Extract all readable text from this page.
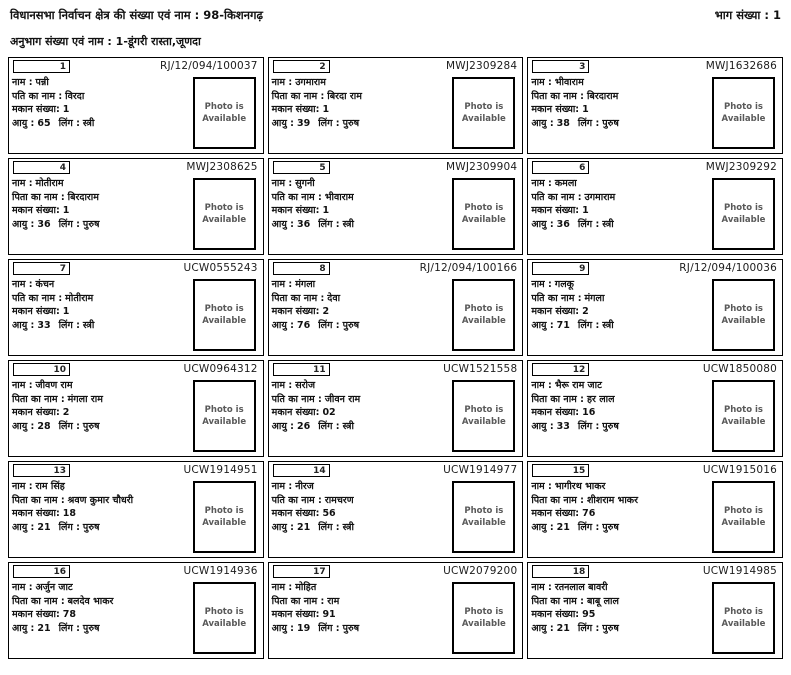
विधानसभा निर्वाचन क्षेत्र की संख्या एवं नाम : 98-किशनगढ़	भाग संख्या : 1
अनुभाग संख्या एवं नाम : 1-डूंगरी रास्ता,जूणदा
1	RJ/12/094/100037
नाम : पन्नी
पति का नाम : विरदा
मकान संख्या: 1
आयु : 65 लिंग : स्त्री
Photo is
Available
2	MWJ2309284
नाम : उगमाराम
पिता का नाम : बिरदा राम
मकान संख्या: 1
आयु : 39 लिंग : पुरुष
Photo is
Available
3	MWJ1632686
नाम : भीवाराम
पिता का नाम : बिरदाराम
मकान संख्या: 1
आयु : 38 लिंग : पुरुष
Photo is
Available
4	MWJ2308625
नाम : मोतीराम
पिता का नाम : बिरदाराम
मकान संख्या: 1
आयु : 36 लिंग : पुरुष
Photo is
Available
5	MWJ2309904
नाम : सुगनी
पति का नाम : भीवाराम
मकान संख्या: 1
आयु : 36 लिंग : स्त्री
Photo is
Available
6	MWJ2309292
नाम : कमला
पति का नाम : उगमाराम
मकान संख्या: 1
आयु : 36 लिंग : स्त्री
Photo is
Available
7	UCW0555243
नाम : कंचन
पति का नाम : मोतीराम
मकान संख्या: 1
आयु : 33 लिंग : स्त्री
Photo is
Available
8	RJ/12/094/100166
नाम : मंगला
पिता का नाम : देवा
मकान संख्या: 2
आयु : 76 लिंग : पुरुष
Photo is
Available
9	RJ/12/094/100036
नाम : गलकू
पति का नाम : मंगला
मकान संख्या: 2
आयु : 71 लिंग : स्त्री
Photo is
Available
10	UCW0964312
नाम : जीवण राम
पिता का नाम : मंगला राम
मकान संख्या: 2
आयु : 28 लिंग : पुरुष
Photo is
Available
11	UCW1521558
नाम : सरोज
पति का नाम : जीवन राम
मकान संख्या: 02
आयु : 26 लिंग : स्त्री
Photo is
Available
12	UCW1850080
नाम : भैरू राम जाट
पिता का नाम : हर लाल
मकान संख्या: 16
आयु : 33 लिंग : पुरुष
Photo is
Available
13	UCW1914951
नाम : राम सिंह
पिता का नाम : श्रवण कुमार चौधरी
मकान संख्या: 18
आयु : 21 लिंग : पुरुष
Photo is
Available
14	UCW1914977
नाम : नीरज
पति का नाम : रामचरण
मकान संख्या: 56
आयु : 21 लिंग : स्त्री
Photo is
Available
15	UCW1915016
नाम : भागीरथ भाकर
पिता का नाम : शीशराम भाकर
मकान संख्या: 76
आयु : 21 लिंग : पुरुष
Photo is
Available
16	UCW1914936
नाम : अर्जुन जाट
पिता का नाम : बलदेव भाकर
मकान संख्या: 78
आयु : 21 लिंग : पुरुष
Photo is
Available
17	UCW2079200
नाम : मोहित
पिता का नाम : राम
मकान संख्या: 91
आयु : 19 लिंग : पुरुष
Photo is
Available
18	UCW1914985
नाम : रतनलाल बावरी
पिता का नाम : बाबू लाल
मकान संख्या: 95
आयु : 21 लिंग : पुरुष
Photo is
Available
